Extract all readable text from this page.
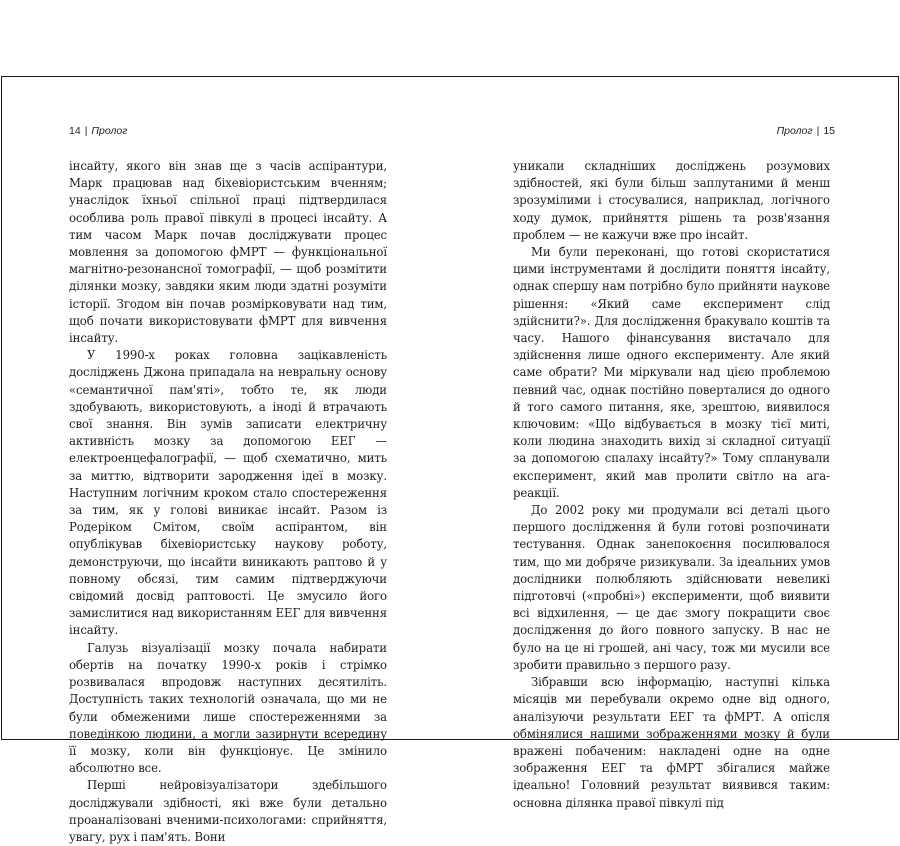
14 | Пролог

інсайту, якого він знав ще з часів аспірантури, Марк працював над біхевіористським вченням; унаслідок їхньої спільної праці підтвердилася особлива роль правої півкулі в процесі інсайту. А тим часом Марк почав досліджувати процес мовлення за допомогою фМРТ — функціональної магнітно-резонансної томографії, — щоб розмітити ділянки мозку, завдяки яким люди здатні розуміти історії. Згодом він почав розмірковувати над тим, щоб почати використовувати фМРТ для вивчення інсайту.

У 1990-х роках головна зацікавленість досліджень Джона припадала на невральну основу «семантичної пам'яті», тобто те, як люди здобувають, використовують, а іноді й втрачають свої знання. Він зумів записати електричну активність мозку за допомогою ЕЕГ — електроенцефалографії, — щоб схематично, мить за миттю, відтворити зародження ідеї в мозку. Наступним логічним кроком стало спостереження за тим, як у голові виникає інсайт. Разом із Родеріком Смітом, своїм аспірантом, він опублікував біхевіористську наукову роботу, демонструючи, що інсайти виникають раптово й у повному обсязі, тим самим підтверджуючи свідомий досвід раптовості. Це змусило його замислитися над використанням ЕЕГ для вивчення інсайту.

Галузь візуалізації мозку почала набирати обертів на початку 1990-х років і стрімко розвивалася впродовж наступних десятиліть. Доступність таких технологій означала, що ми не були обмеженими лише спостереженнями за поведінкою людини, а могли зазирнути всередину її мозку, коли він функціонує. Це змінило абсолютно все.

Перші нейровізуалізатори здебільшого досліджували здібності, які вже були детально проаналізовані вченими-психологами: сприйняття, увагу, рух і пам'ять. Вони

Пролог | 15

уникали складніших досліджень розумових здібностей, які були більш заплутаними й менш зрозумілими і стосувалися, наприклад, логічного ходу думок, прийняття рішень та розв'язання проблем — не кажучи вже про інсайт.

Ми були переконані, що готові скористатися цими інструментами й дослідити поняття інсайту, однак спершу нам потрібно було прийняти наукове рішення: «Який саме експеримент слід здійснити?». Для дослідження бракувало коштів та часу. Нашого фінансування вистачало для здійснення лише одного експерименту. Але який саме обрати? Ми міркували над цією проблемою певний час, однак постійно поверталися до одного й того самого питання, яке, зрештою, виявилося ключовим: «Що відбувається в мозку тієї миті, коли людина знаходить вихід зі складної ситуації за допомогою спалаху інсайту?» Тому спланували експеримент, який мав пролити світло на ага-реакції.

До 2002 року ми продумали всі деталі цього першого дослідження й були готові розпочинати тестування. Однак занепокоєння посилювалося тим, що ми добряче ризикували. За ідеальних умов дослідники полюбляють здійснювати невеликі підготовчі («пробні») експерименти, щоб виявити всі відхилення, — це дає змогу покращити своє дослідження до його повного запуску. В нас не було на це ні грошей, ані часу, тож ми мусили все зробити правильно з першого разу.

Зібравши всю інформацію, наступні кілька місяців ми перебували окремо одне від одного, аналізуючи результати ЕЕГ та фМРТ. А опісля обмінялися нашими зображеннями мозку й були вражені побаченим: накладені одне на одне зображення ЕЕГ та фМРТ збігалися майже ідеально! Головний результат виявився таким: основна ділянка правої півкулі під
